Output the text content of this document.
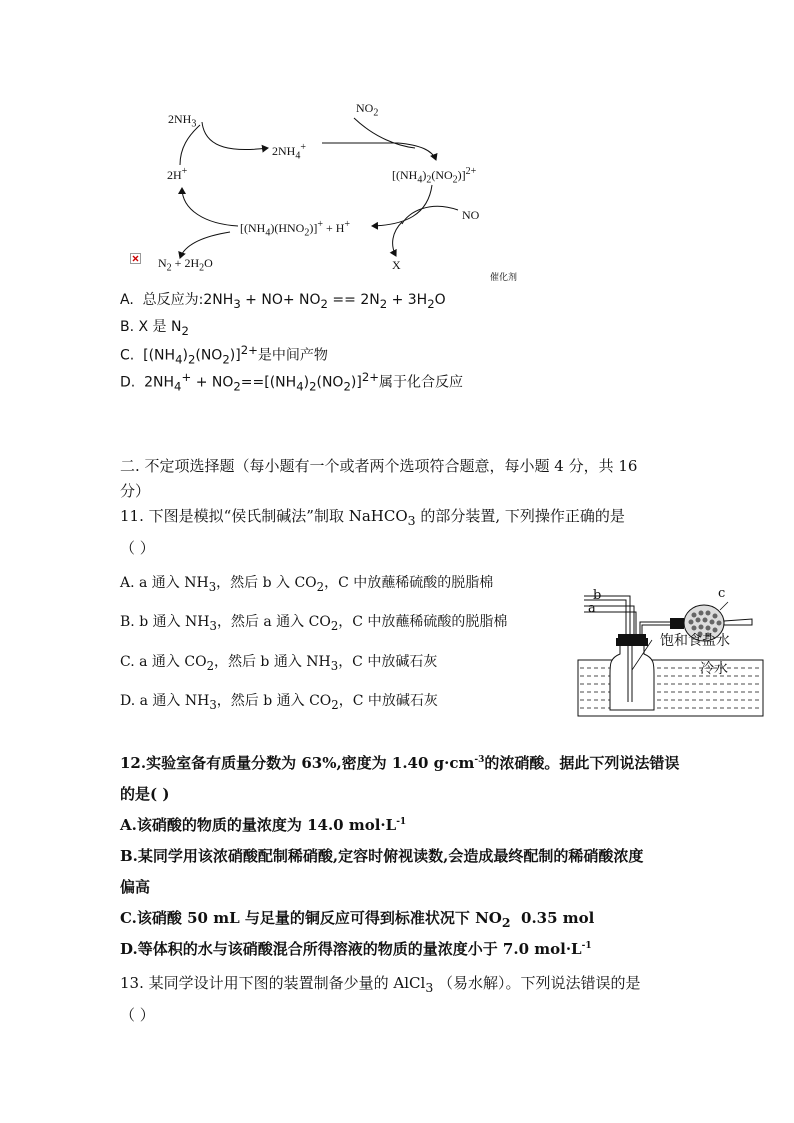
$2NH_3$
$2NH_4^+$
$NO_2$
$[(NH_4)_2(NO_2)]^{2+}$
NO
X
$[(NH_4)(HNO_2)]^+ + H^+$
2H+
$N_2 + 2H_2O$
催化剂
A.  总反应为$:2NH_3 + NO+ NO_2 == 2N_2 + 3H_2O$
B. X 是 $N_2$
C.  $[(NH_4)_2(NO_2)]^{2+}$是中间产物
D.  $2NH_4^+ + NO_2==[(NH_4)_2(NO_2)]^{2+}$属于化合反应
二. 不定项选择题（每小题有一个或者两个选项符合题意，每小题 4 分，共 16
分）
11. 下图是模拟“侯氏制碱法”制取 NaHCO$_3$ 的部分装置, 下列操作正确的是
（ ）
A. a 通入 $NH_3$，然后 b 入 $CO_2$，C 中放蘸稀硫酸的脱脂棉
B. b 通入 $NH_3$，然后 a 通入 $CO_2$，C 中放蘸稀硫酸的脱脂棉
C. a 通入 $CO_2$，然后 b 通入 $NH_3$，C 中放碱石灰
D. a 通入 $NH_3$，然后 b 通入 $CO_2$，C 中放碱石灰
b
a
c
饱和食盐水
冷水
12.实验室备有质量分数为 63%,密度为 1.40 $g\cdot cm^{-3}$的浓硝酸。据此下列说法错误
的是( )
A.该硝酸的物质的量浓度为 14.0 $mol\cdot L^{-1}$
B.某同学用该浓硝酸配制稀硝酸,定容时俯视读数,会造成最终配制的稀硝酸浓度
偏高
C.该硝酸 50 mL 与足量的铜反应可得到标准状况下 $NO_2$  0.35 mol
D.等体积的水与该硝酸混合所得溶液的物质的量浓度小于 7.0 $mol\cdot L^{-1}$
13. 某同学设计用下图的装置制备少量的 AlCl$_3$ （易水解）。下列说法错误的是
（ ）
